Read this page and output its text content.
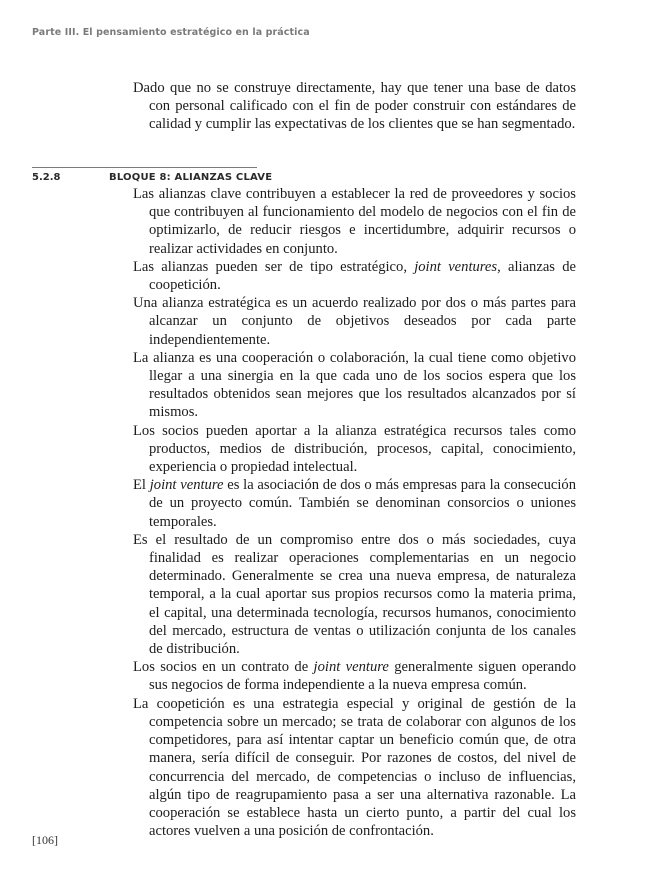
Parte III. El pensamiento estratégico en la práctica

Dado que no se construye directamente, hay que tener una base de datos con personal calificado con el fin de poder construir con estándares de calidad y cumplir las expectativas de los clientes que se han segmentado.

5.2.8	BLOQUE 8: ALIANZAS CLAVE

Las alianzas clave contribuyen a establecer la red de proveedores y socios que contribuyen al funcionamiento del modelo de negocios con el fin de optimizarlo, de reducir riesgos e incertidumbre, adquirir recursos o realizar actividades en conjunto.

Las alianzas pueden ser de tipo estratégico, joint ventures, alianzas de coopetición.

Una alianza estratégica es un acuerdo realizado por dos o más partes para alcanzar un conjunto de objetivos deseados por cada parte independientemente.

La alianza es una cooperación o colaboración, la cual tiene como objetivo llegar a una sinergia en la que cada uno de los socios espera que los resultados obtenidos sean mejores que los resultados alcanzados por sí mismos.

Los socios pueden aportar a la alianza estratégica recursos tales como productos, medios de distribución, procesos, capital, conocimiento, experiencia o propiedad intelectual.

El joint venture es la asociación de dos o más empresas para la consecución de un proyecto común. También se denominan consorcios o uniones temporales.

Es el resultado de un compromiso entre dos o más sociedades, cuya finalidad es realizar operaciones complementarias en un negocio determinado. Generalmente se crea una nueva empresa, de naturaleza temporal, a la cual aportar sus propios recursos como la materia prima, el capital, una determinada tecnología, recursos humanos, conocimiento del mercado, estructura de ventas o utilización conjunta de los canales de distribución.

Los socios en un contrato de joint venture generalmente siguen operando sus negocios de forma independiente a la nueva empresa común.

La coopetición es una estrategia especial y original de gestión de la competencia sobre un mercado; se trata de colaborar con algunos de los competidores, para así intentar captar un beneficio común que, de otra manera, sería difícil de conseguir. Por razones de costos, del nivel de concurrencia del mercado, de competencias o incluso de influencias, algún tipo de reagrupamiento pasa a ser una alternativa razonable. La cooperación se establece hasta un cierto punto, a partir del cual los actores vuelven a una posición de confrontación.

[106]
